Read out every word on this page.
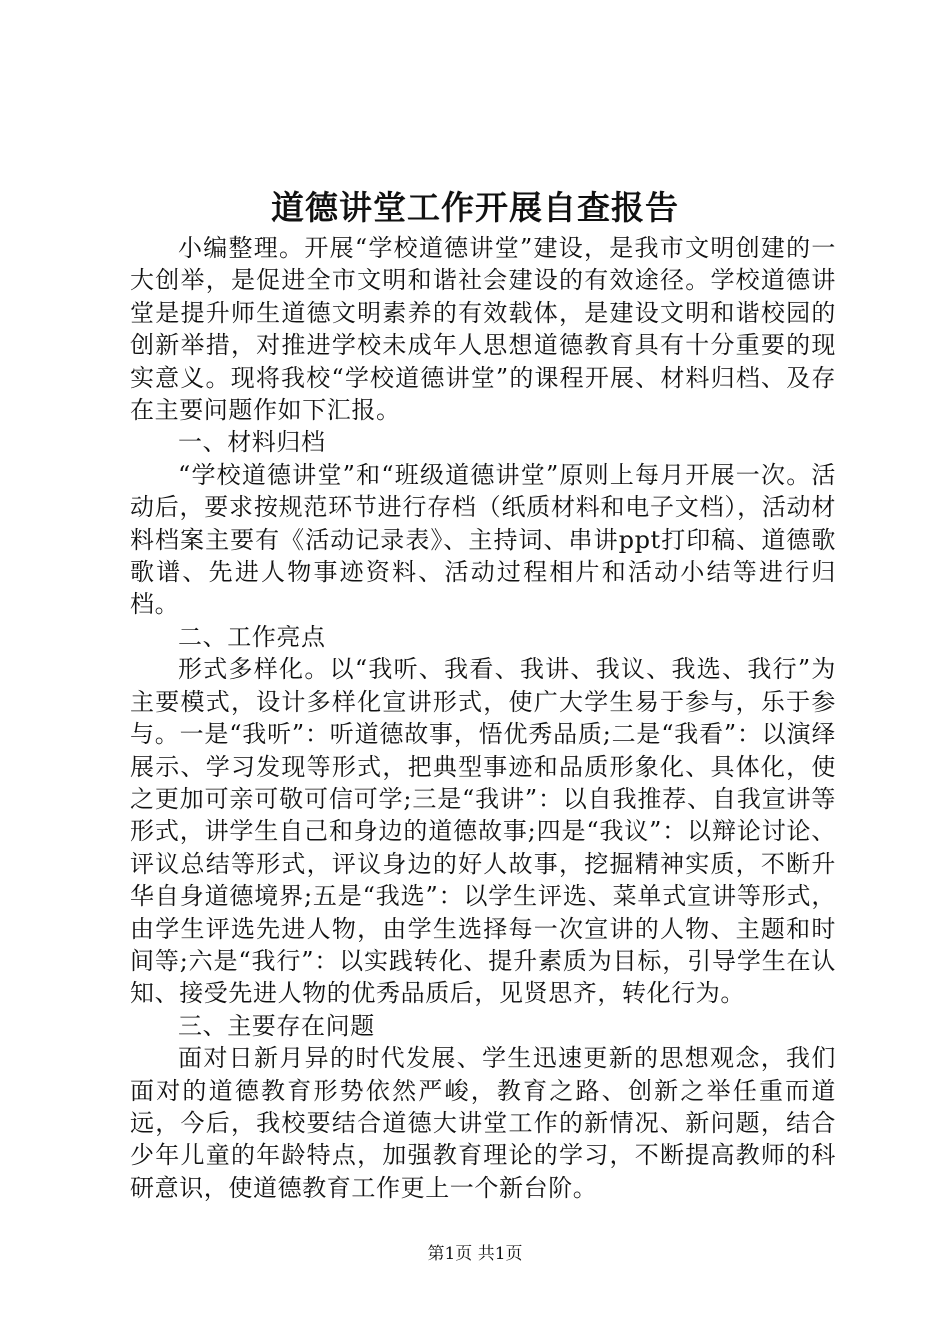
道德讲堂工作开展自查报告

小编整理。开展“学校道德讲堂”建设，是我市文明创建的一大创举，是促进全市文明和谐社会建设的有效途径。学校道德讲堂是提升师生道德文明素养的有效载体，是建设文明和谐校园的创新举措，对推进学校未成年人思想道德教育具有十分重要的现实意义。现将我校“学校道德讲堂”的课程开展、材料归档、及存在主要问题作如下汇报。

一、材料归档

“学校道德讲堂”和“班级道德讲堂”原则上每月开展一次。活动后，要求按规范环节进行存档（纸质材料和电子文档），活动材料档案主要有《活动记录表》、主持词、串讲ppt打印稿、道德歌歌谱、先进人物事迹资料、活动过程相片和活动小结等进行归档。

二、工作亮点

形式多样化。以“我听、我看、我讲、我议、我选、我行”为主要模式，设计多样化宣讲形式，使广大学生易于参与，乐于参与。一是“我听”：听道德故事，悟优秀品质;二是“我看”：以演绎展示、学习发现等形式，把典型事迹和品质形象化、具体化，使之更加可亲可敬可信可学;三是“我讲”：以自我推荐、自我宣讲等形式，讲学生自己和身边的道德故事;四是“我议”：以辩论讨论、评议总结等形式，评议身边的好人故事，挖掘精神实质，不断升华自身道德境界;五是“我选”：以学生评选、菜单式宣讲等形式，由学生评选先进人物，由学生选择每一次宣讲的人物、主题和时间等;六是“我行”：以实践转化、提升素质为目标，引导学生在认知、接受先进人物的优秀品质后，见贤思齐，转化行为。

三、主要存在问题

面对日新月异的时代发展、学生迅速更新的思想观念，我们面对的道德教育形势依然严峻，教育之路、创新之举任重而道远，今后，我校要结合道德大讲堂工作的新情况、新问题，结合少年儿童的年龄特点，加强教育理论的学习，不断提高教师的科研意识，使道德教育工作更上一个新台阶。

第1页 共1页
